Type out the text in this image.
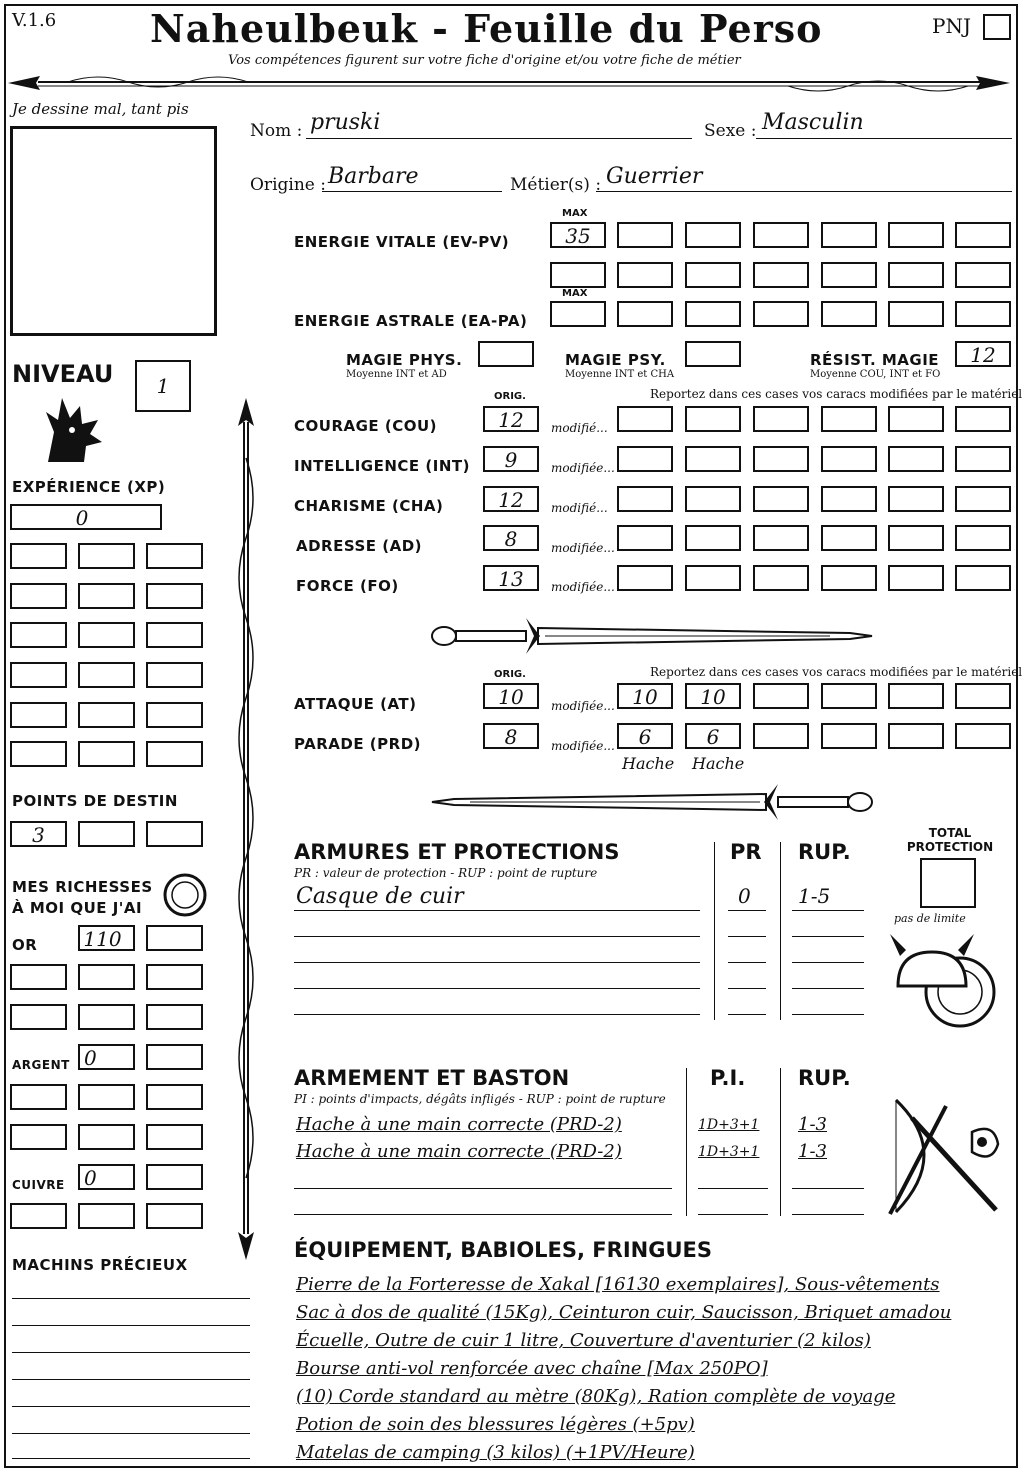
V.1.6 Naheulbeuk - Feuille du Perso
Vos compétences figurent sur votre fiche d'origine et/ou votre fiche de métier
PNJ
Je dessine mal, tant pis
Nom : pruski	Sexe : Masculin
Origine : Barbare	Métier(s) : Guerrier
MAX
ENERGIE VITALE (EV-PV)	35
MAX
ENERGIE ASTRALE (EA-PA)
MAGIE PHYS.
Moyenne INT et AD
MAGIE PSY.
Moyenne INT et CHA
RÉSIST. MAGIE
Moyenne COU, INT et FO
12
NIVEAU	1	ORIG.	Reportez dans ces cases vos caracs modifiées par le matériel
COURAGE (COU)	12	modifié...
INTELLIGENCE (INT)	9	modifiée...
CHARISME (CHA)	12	modifié...
ADRESSE (AD)	8	modifiée...
FORCE (FO)	13	modifiée...
ORIG.	Reportez dans ces cases vos caracs modifiées par le matériel
ATTAQUE (AT)	10	modifiée... 10	10
PARADE (PRD)	8	modifiée...	6	6
Hache Hache
EXPÉRIENCE (XP)
0
POINTS DE DESTIN
3
MES RICHESSES
À MOI QUE J'AI
OR 110
ARGENT 0
CUIVRE 0
MACHINS PRÉCIEUX
ARMURES ET PROTECTIONS
PR : valeur de protection - RUP : point de rupture
PR RUP.
Casque de cuir	0 1-5
TOTAL PROTECTION
pas de limite
ARMEMENT ET BASTON
PI : points d'impacts, dégâts infligés - RUP : point de rupture
P.I.	RUP.
Hache à une main correcte (PRD-2)	1D+3+1 1-3
Hache à une main correcte (PRD-2)	1D+3+1 1-3
ÉQUIPEMENT, BABIOLES, FRINGUES
Pierre de la Forteresse de Xakal [16130 exemplaires], Sous-vêtements
Sac à dos de qualité (15Kg), Ceinturon cuir, Saucisson, Briquet amadou
Écuelle, Outre de cuir 1 litre, Couverture d'aventurier (2 kilos)
Bourse anti-vol renforcée avec chaîne [Max 250PO]
(10) Corde standard au mètre (80Kg), Ration complète de voyage
Potion de soin des blessures légères (+5pv)
Matelas de camping (3 kilos) (+1PV/Heure)
